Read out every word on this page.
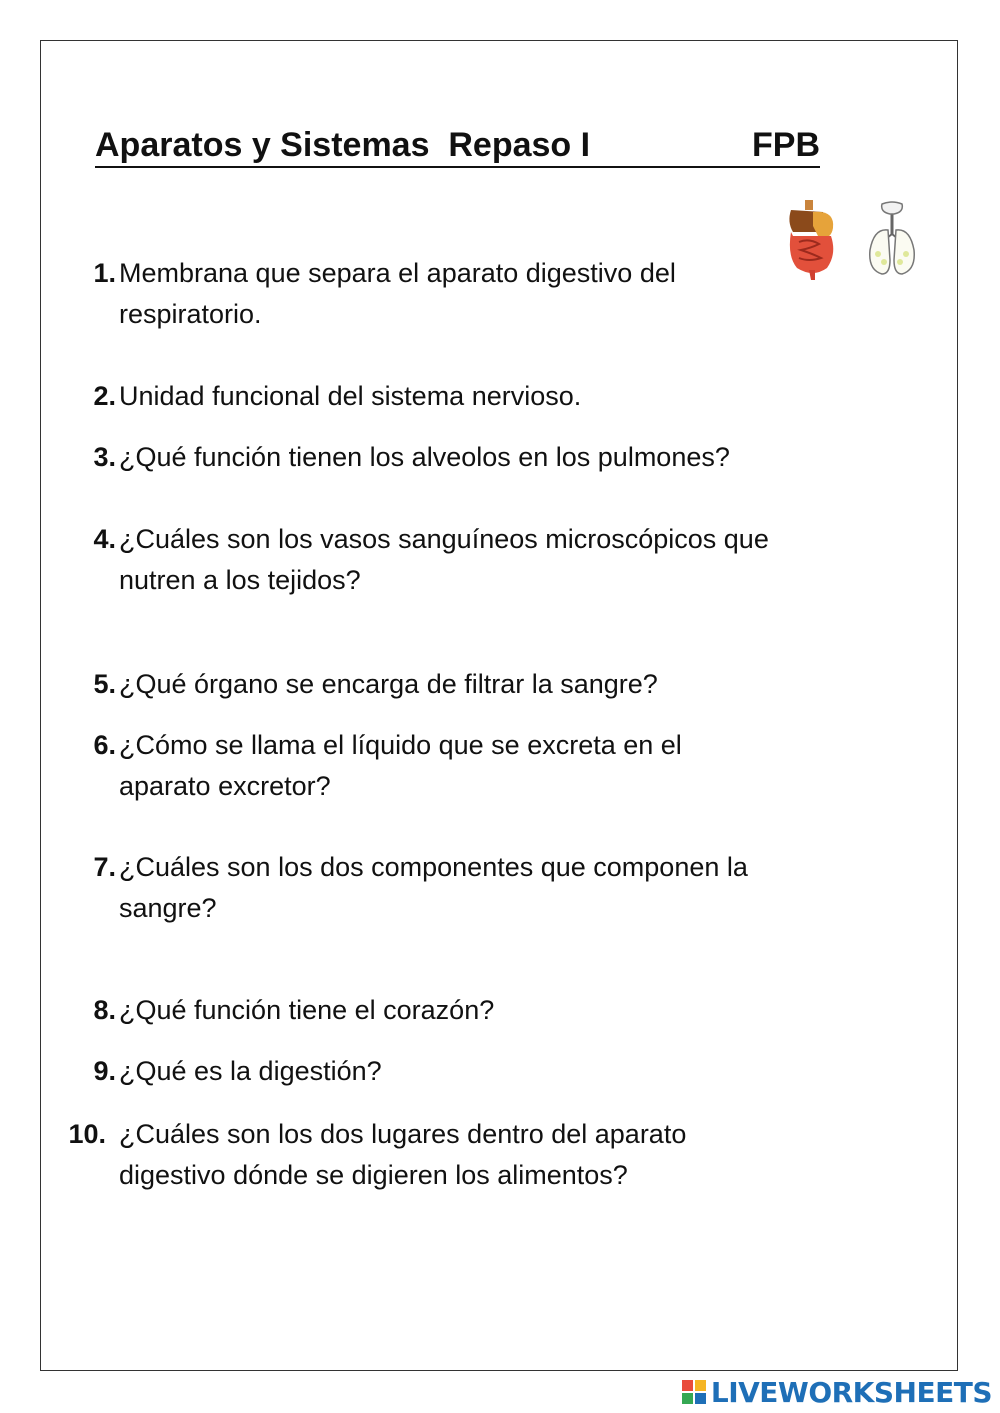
Aparatos y Sistemas  Repaso I

	FPB

1. Membrana que separa el aparato digestivo del respiratorio.
2. Unidad funcional del sistema nervioso.
3. ¿Qué función tienen los alveolos en los pulmones?
4. ¿Cuáles son los vasos sanguíneos microscópicos que nutren a los tejidos?
5. ¿Qué órgano se encarga de filtrar la sangre?
6. ¿Cómo se llama el líquido que se excreta en el aparato excretor?
7. ¿Cuáles son los dos componentes que componen la sangre?
8. ¿Qué función tiene el corazón?
9. ¿Qué es la digestión?
10. ¿Cuáles son los dos lugares dentro del aparato digestivo dónde se digieren los alimentos?
LIVEWORKSHEETS
